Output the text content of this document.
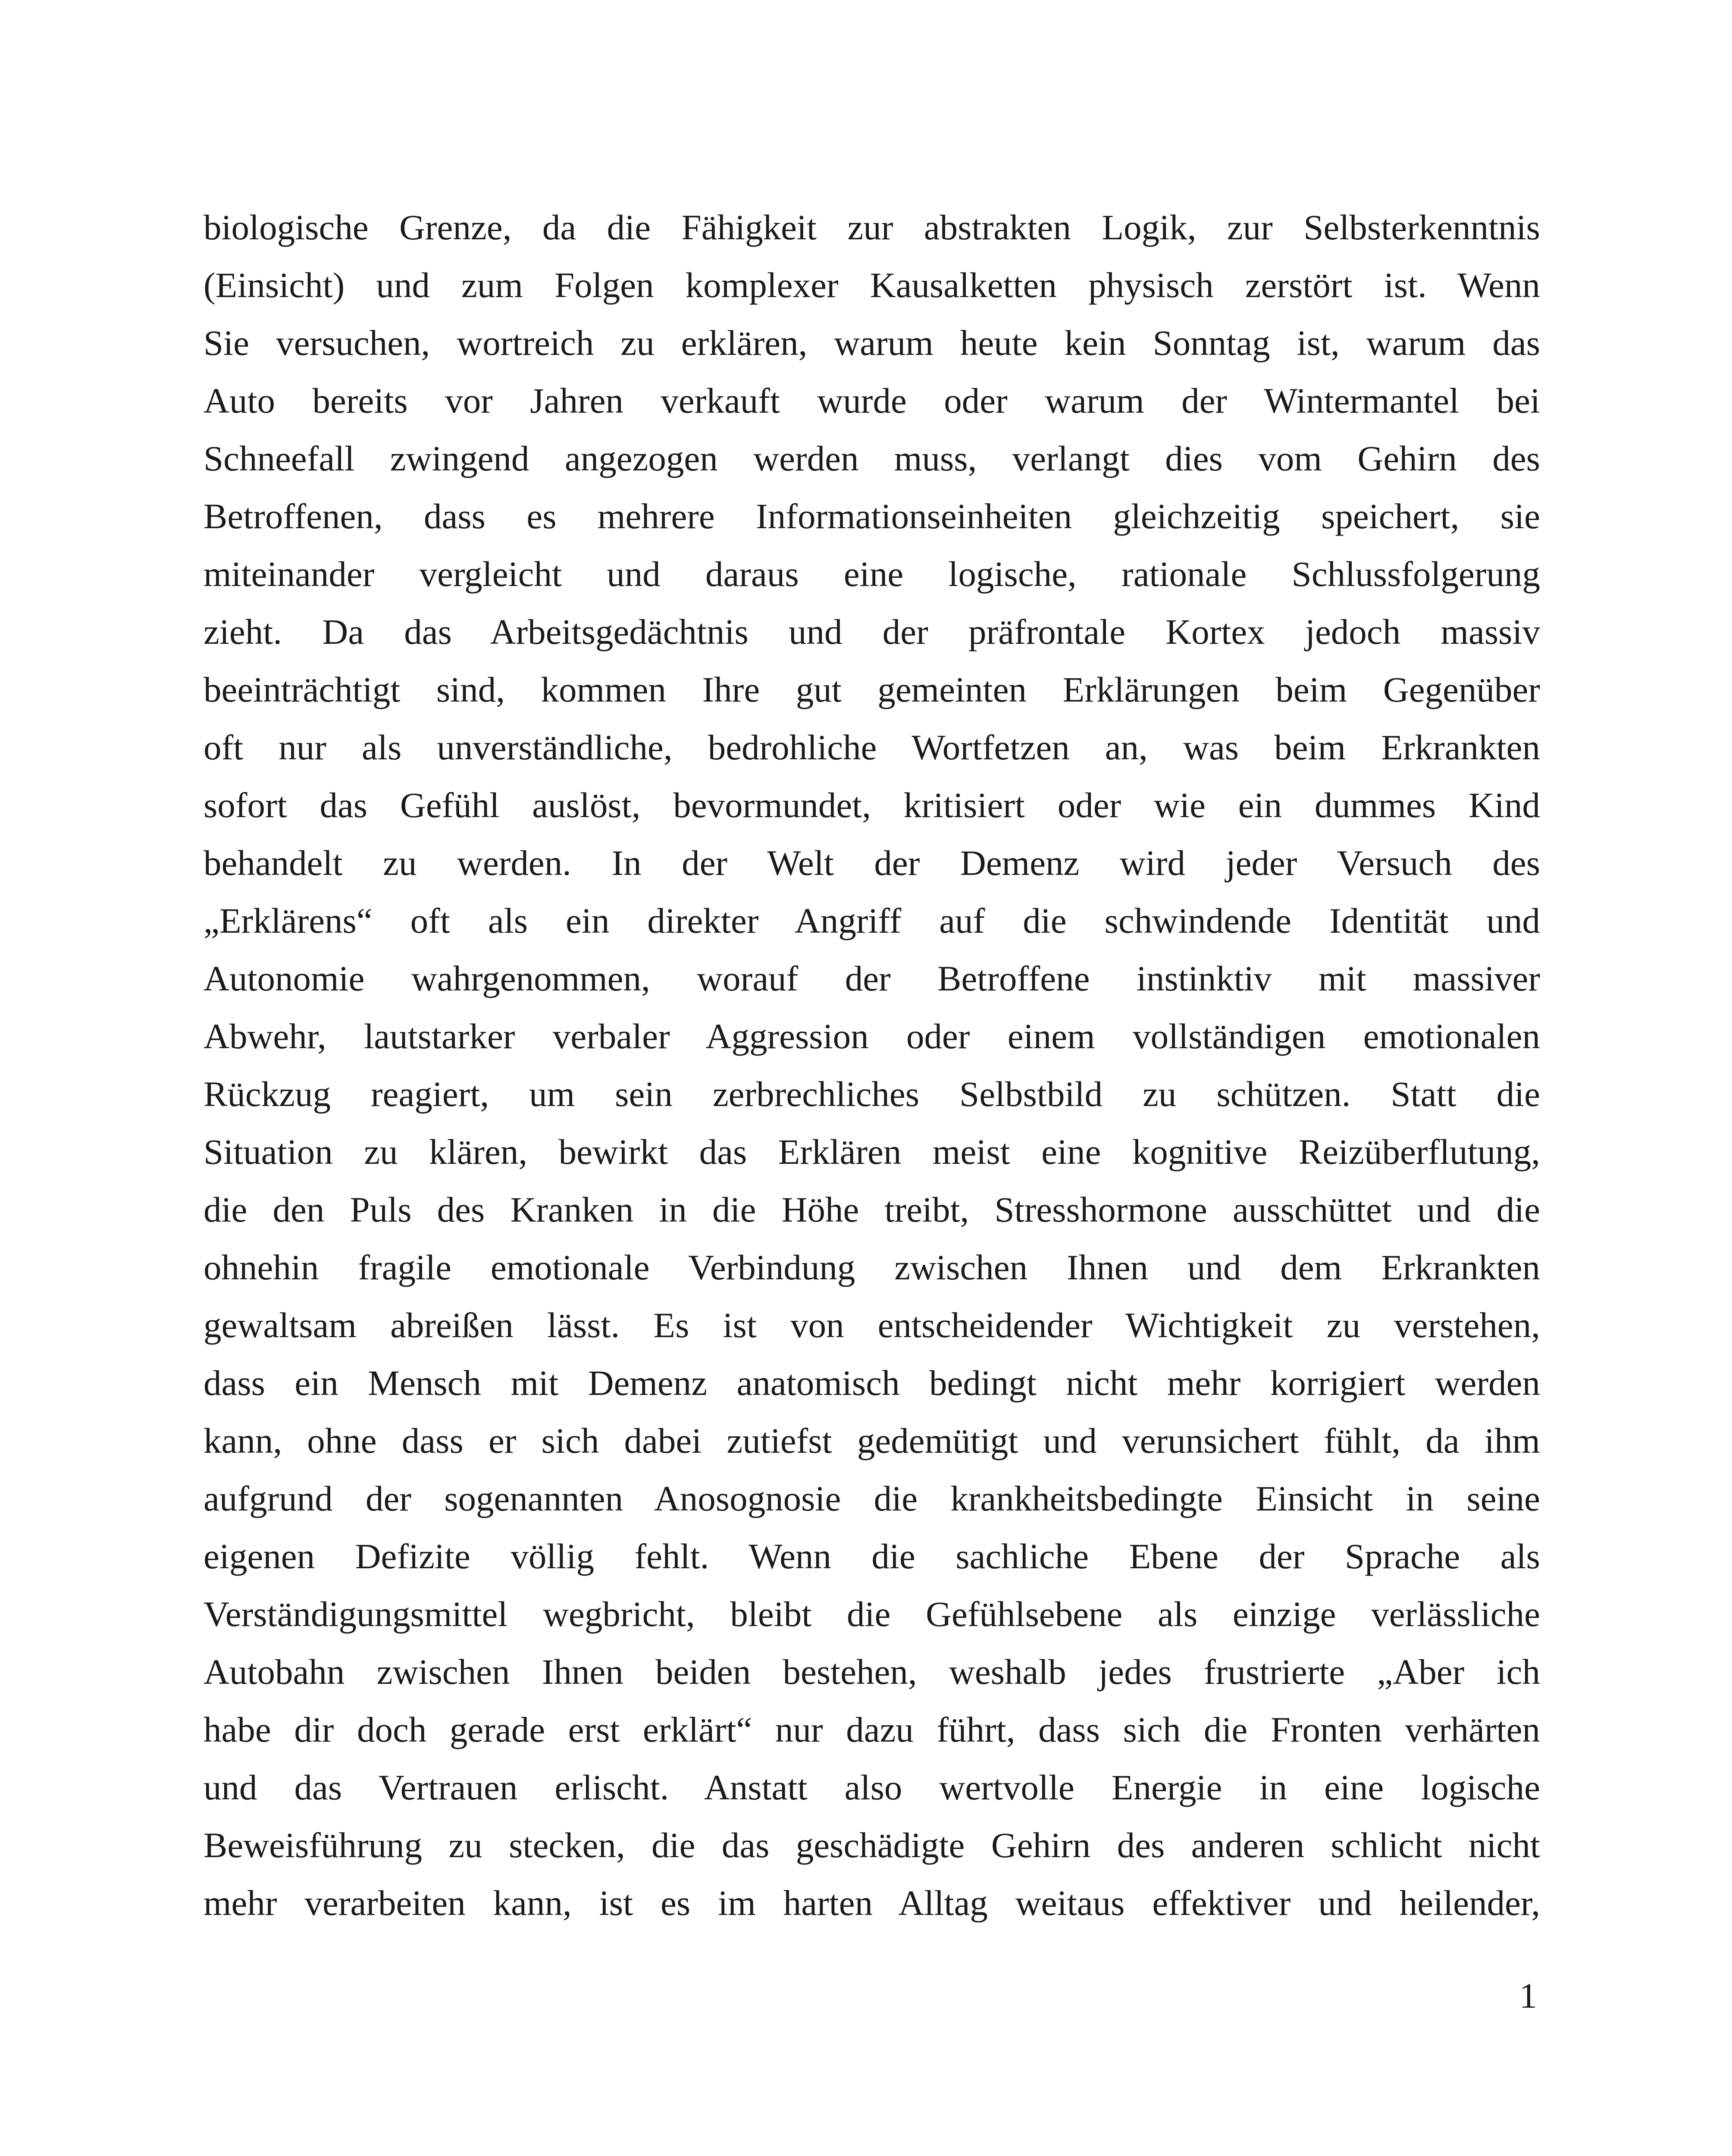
biologische Grenze, da die Fähigkeit zur abstrakten Logik, zur Selbsterkenntnis
(Einsicht) und zum Folgen komplexer Kausalketten physisch zerstört ist. Wenn
Sie versuchen, wortreich zu erklären, warum heute kein Sonntag ist, warum das
Auto bereits vor Jahren verkauft wurde oder warum der Wintermantel bei
Schneefall zwingend angezogen werden muss, verlangt dies vom Gehirn des
Betroffenen, dass es mehrere Informationseinheiten gleichzeitig speichert, sie
miteinander vergleicht und daraus eine logische, rationale Schlussfolgerung
zieht. Da das Arbeitsgedächtnis und der präfrontale Kortex jedoch massiv
beeinträchtigt sind, kommen Ihre gut gemeinten Erklärungen beim Gegenüber
oft nur als unverständliche, bedrohliche Wortfetzen an, was beim Erkrankten
sofort das Gefühl auslöst, bevormundet, kritisiert oder wie ein dummes Kind
behandelt zu werden. In der Welt der Demenz wird jeder Versuch des
„Erklärens“ oft als ein direkter Angriff auf die schwindende Identität und
Autonomie wahrgenommen, worauf der Betroffene instinktiv mit massiver
Abwehr, lautstarker verbaler Aggression oder einem vollständigen emotionalen
Rückzug reagiert, um sein zerbrechliches Selbstbild zu schützen. Statt die
Situation zu klären, bewirkt das Erklären meist eine kognitive Reizüberflutung,
die den Puls des Kranken in die Höhe treibt, Stresshormone ausschüttet und die
ohnehin fragile emotionale Verbindung zwischen Ihnen und dem Erkrankten
gewaltsam abreißen lässt. Es ist von entscheidender Wichtigkeit zu verstehen,
dass ein Mensch mit Demenz anatomisch bedingt nicht mehr korrigiert werden
kann, ohne dass er sich dabei zutiefst gedemütigt und verunsichert fühlt, da ihm
aufgrund der sogenannten Anosognosie die krankheitsbedingte Einsicht in seine
eigenen Defizite völlig fehlt. Wenn die sachliche Ebene der Sprache als
Verständigungsmittel wegbricht, bleibt die Gefühlsebene als einzige verlässliche
Autobahn zwischen Ihnen beiden bestehen, weshalb jedes frustrierte „Aber ich
habe dir doch gerade erst erklärt“ nur dazu führt, dass sich die Fronten verhärten
und das Vertrauen erlischt. Anstatt also wertvolle Energie in eine logische
Beweisführung zu stecken, die das geschädigte Gehirn des anderen schlicht nicht
mehr verarbeiten kann, ist es im harten Alltag weitaus effektiver und heilender,
1
